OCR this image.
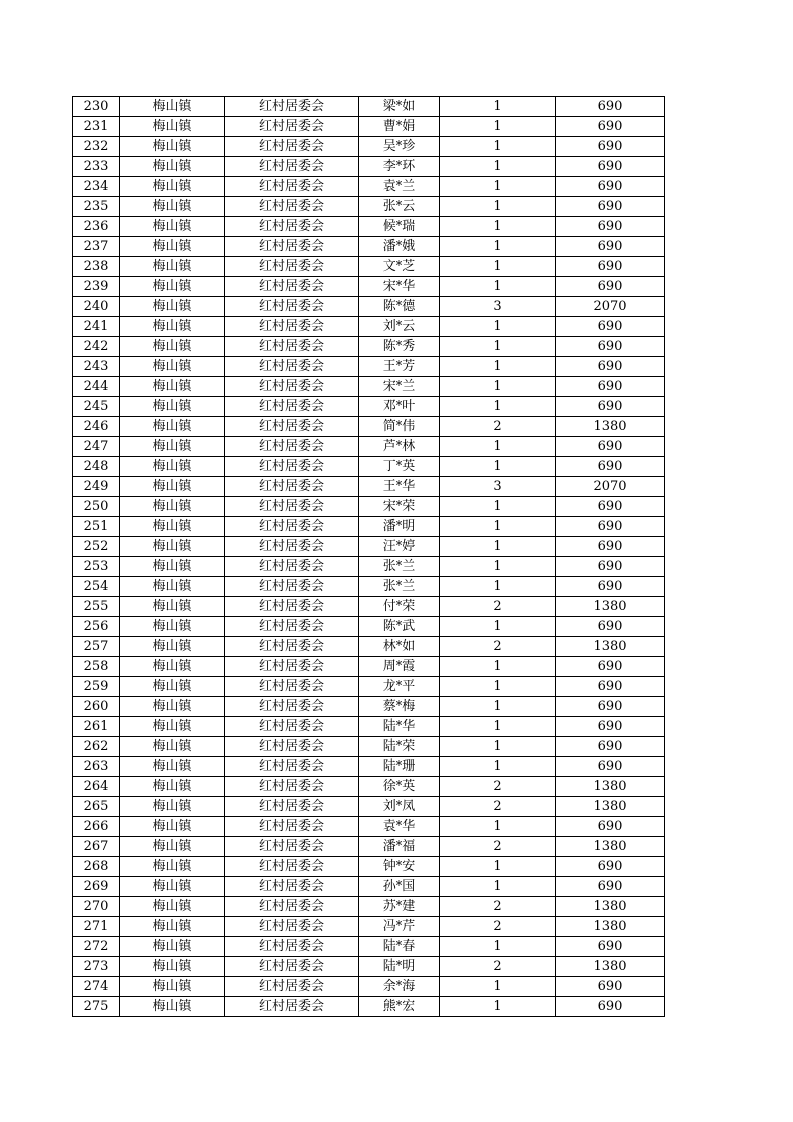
230	梅山镇	红村居委会	梁*如	1	690
231	梅山镇	红村居委会	曹*娟	1	690
232	梅山镇	红村居委会	吴*珍	1	690
233	梅山镇	红村居委会	李*环	1	690
234	梅山镇	红村居委会	袁*兰	1	690
235	梅山镇	红村居委会	张*云	1	690
236	梅山镇	红村居委会	候*瑞	1	690
237	梅山镇	红村居委会	潘*娥	1	690
238	梅山镇	红村居委会	文*芝	1	690
239	梅山镇	红村居委会	宋*华	1	690
240	梅山镇	红村居委会	陈*德	3	2070
241	梅山镇	红村居委会	刘*云	1	690
242	梅山镇	红村居委会	陈*秀	1	690
243	梅山镇	红村居委会	王*芳	1	690
244	梅山镇	红村居委会	宋*兰	1	690
245	梅山镇	红村居委会	邓*叶	1	690
246	梅山镇	红村居委会	简*伟	2	1380
247	梅山镇	红村居委会	芦*林	1	690
248	梅山镇	红村居委会	丁*英	1	690
249	梅山镇	红村居委会	王*华	3	2070
250	梅山镇	红村居委会	宋*荣	1	690
251	梅山镇	红村居委会	潘*明	1	690
252	梅山镇	红村居委会	汪*婷	1	690
253	梅山镇	红村居委会	张*兰	1	690
254	梅山镇	红村居委会	张*兰	1	690
255	梅山镇	红村居委会	付*荣	2	1380
256	梅山镇	红村居委会	陈*武	1	690
257	梅山镇	红村居委会	林*如	2	1380
258	梅山镇	红村居委会	周*霞	1	690
259	梅山镇	红村居委会	龙*平	1	690
260	梅山镇	红村居委会	蔡*梅	1	690
261	梅山镇	红村居委会	陆*华	1	690
262	梅山镇	红村居委会	陆*荣	1	690
263	梅山镇	红村居委会	陆*珊	1	690
264	梅山镇	红村居委会	徐*英	2	1380
265	梅山镇	红村居委会	刘*凤	2	1380
266	梅山镇	红村居委会	袁*华	1	690
267	梅山镇	红村居委会	潘*福	2	1380
268	梅山镇	红村居委会	钟*安	1	690
269	梅山镇	红村居委会	孙*国	1	690
270	梅山镇	红村居委会	苏*建	2	1380
271	梅山镇	红村居委会	冯*芹	2	1380
272	梅山镇	红村居委会	陆*春	1	690
273	梅山镇	红村居委会	陆*明	2	1380
274	梅山镇	红村居委会	余*海	1	690
275	梅山镇	红村居委会	熊*宏	1	690
